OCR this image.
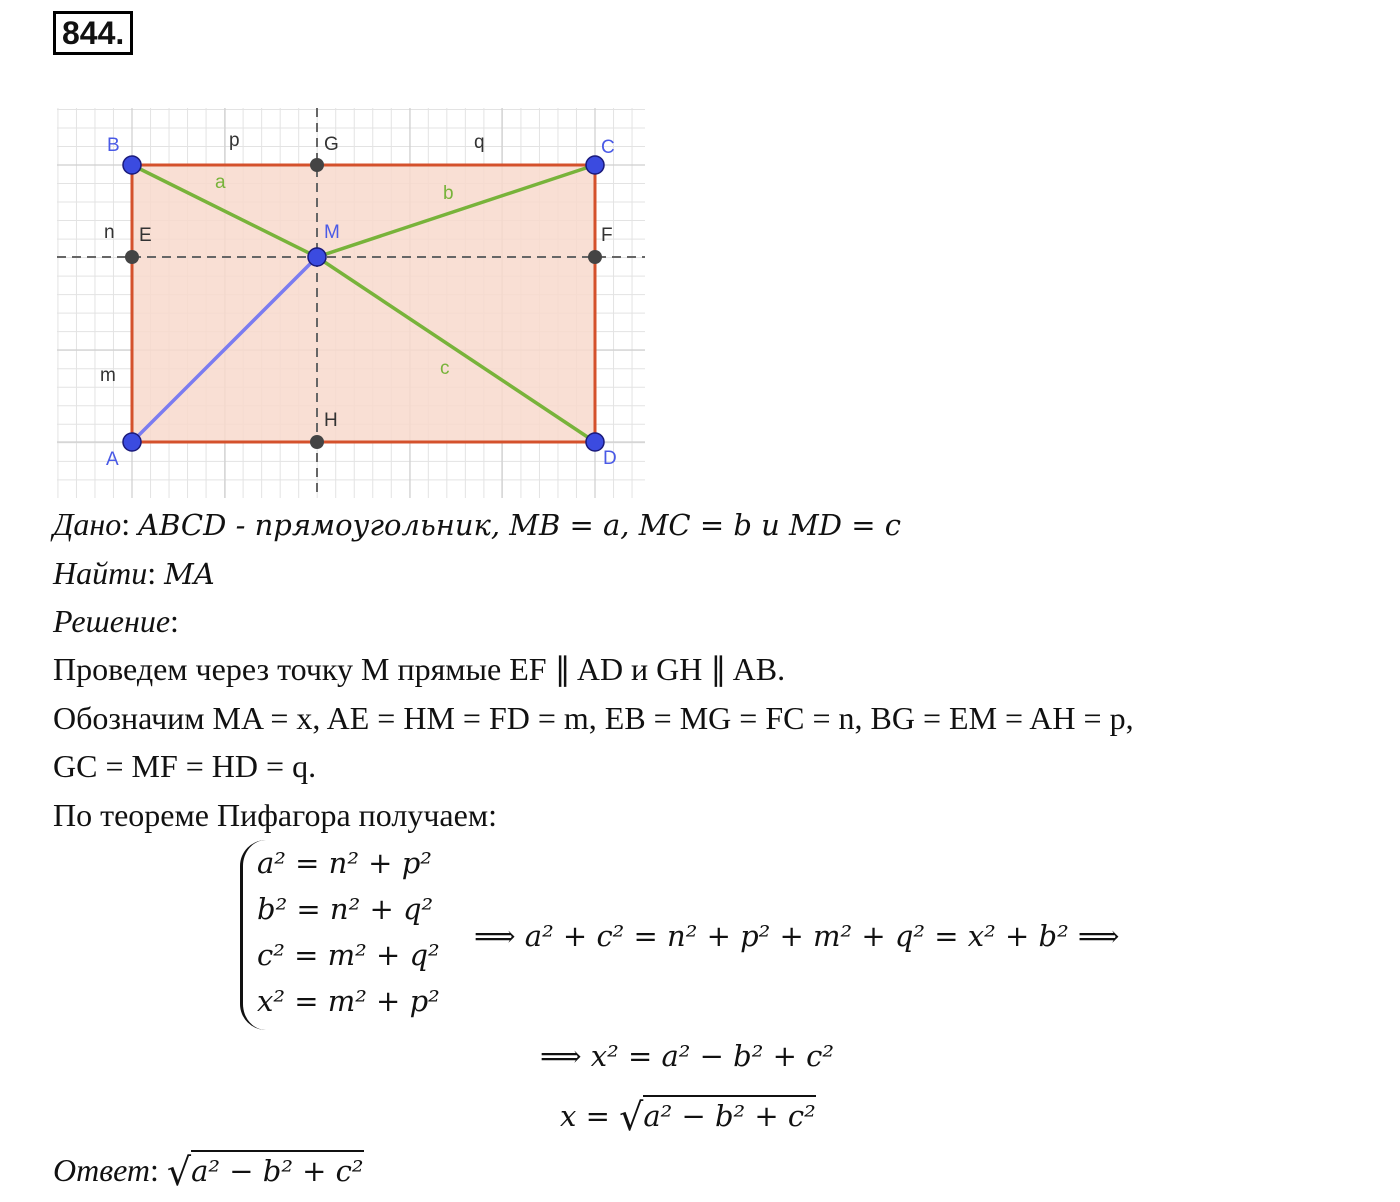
844.
B	C
A	D
M
E	F
G
H
p	q
n
m
a
b
c
Дано: ABCD - прямоугольник, MB = a, MC = b и MD = c
Найти: MA
Решение:
Проведем через точку M прямые EF ∥ AD и GH ∥ AB.
Обозначим MA = x, AE = HM = FD = m, EB = MG = FC = n, BG = EM = AH = p,
GC = MF = HD = q.
По теореме Пифагора получаем:
a² = n² + p²
b² = n² + q²
c² = m² + q²
x² = m² + p²
⟹ a² + c² = n² + p² + m² + q² = x² + b² ⟹
⟹ x² = a² − b² + c²
x = √a² − b² + c²
Ответ: √a² − b² + c²
